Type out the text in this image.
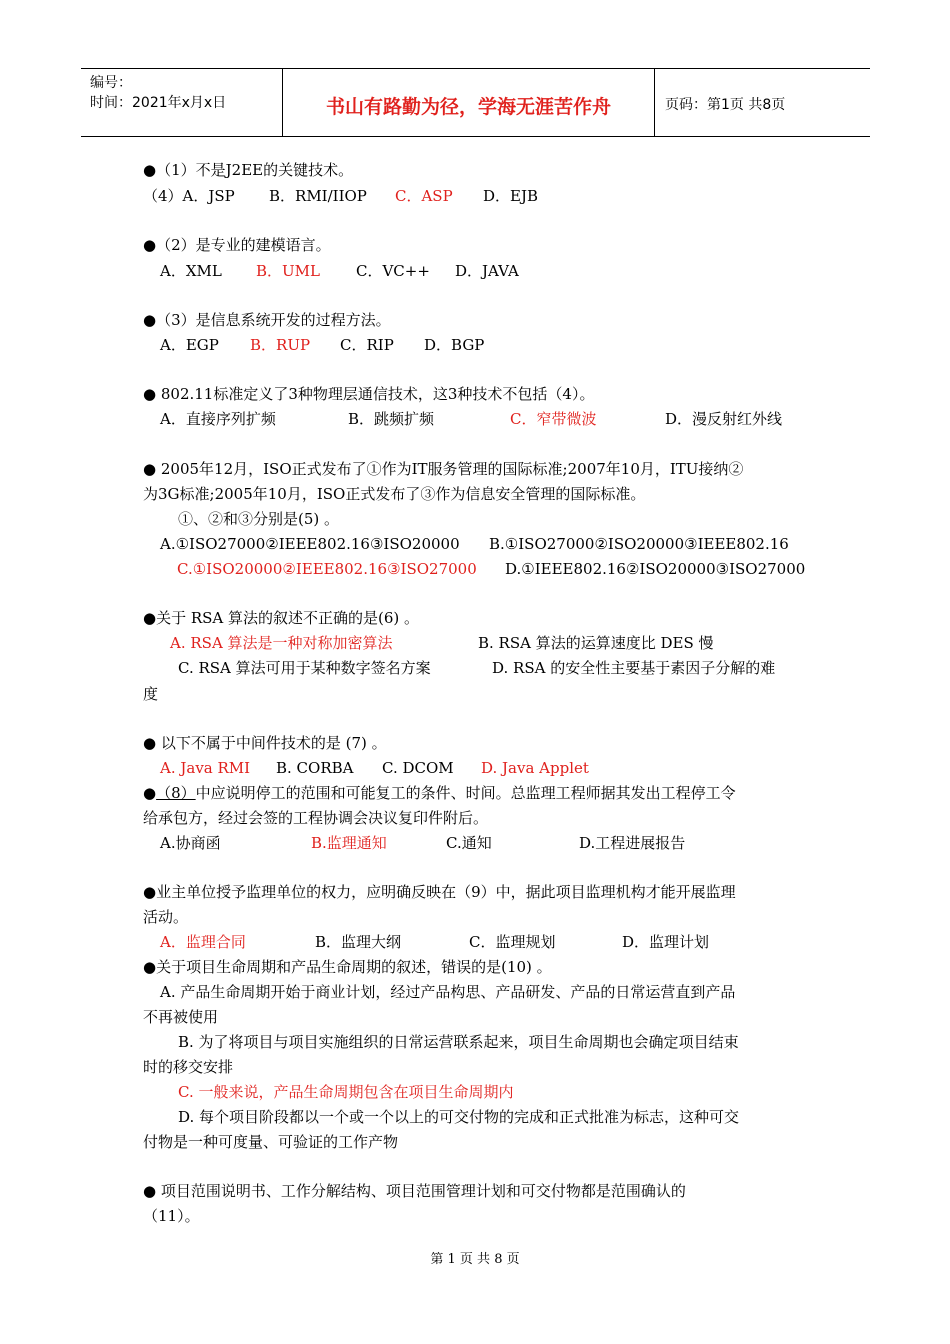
编号：
时间：2021年x月x日	书山有路勤为径，学海无涯苦作舟	页码：第1页 共8页
●（1）不是J2EE的关键技术。
（4）A．JSP B．RMI/IIOP C．ASP D．EJB
●（2）是专业的建模语言。
A．XML B．UML C．VC++ D．JAVA
●（3）是信息系统开发的过程方法。
A．EGP B．RUP C．RIP D．BGP
● 802.11标准定义了3种物理层通信技术，这3种技术不包括（4）。
A．直接序列扩频	B．跳频扩频	C．窄带微波	D．漫反射红外线
● 2005年12月，ISO正式发布了①作为IT服务管理的国际标准;2007年10月，ITU接纳②
为3G标准;2005年10月，ISO正式发布了③作为信息安全管理的国际标准。
①、②和③分别是(5) 。
A.①ISO27000②IEEE802.16③ISO20000 B.①ISO27000②ISO20000③IEEE802.16
C.①ISO20000②IEEE802.16③ISO27000 D.①IEEE802.16②ISO20000③ISO27000
●关于 RSA 算法的叙述不正确的是(6) 。
A. RSA 算法是一种对称加密算法	B. RSA 算法的运算速度比 DES 慢
C. RSA 算法可用于某种数字签名方案	D. RSA 的安全性主要基于素因子分解的难
度
● 以下不属于中间件技术的是 (7) 。
A. Java RMI B. CORBA C. DCOM D. Java Applet
●（8）中应说明停工的范围和可能复工的条件、时间。总监理工程师据其发出工程停工令
给承包方，经过会签的工程协调会决议复印件附后。
A.协商函	B.监理通知	C.通知	D.工程进展报告
●业主单位授予监理单位的权力，应明确反映在（9）中，据此项目监理机构才能开展监理
活动。
A．监理合同	B．监理大纲	C．监理规划	D．监理计划
●关于项目生命周期和产品生命周期的叙述，错误的是(10) 。
A. 产品生命周期开始于商业计划，经过产品构思、产品研发、产品的日常运营直到产品
不再被使用
B. 为了将项目与项目实施组织的日常运营联系起来，项目生命周期也会确定项目结束
时的移交安排
C. 一般来说，产品生命周期包含在项目生命周期内
D. 每个项目阶段都以一个或一个以上的可交付物的完成和正式批准为标志，这种可交
付物是一种可度量、可验证的工作产物
● 项目范围说明书、工作分解结构、项目范围管理计划和可交付物都是范围确认的
（11）。
第 1 页 共 8 页
